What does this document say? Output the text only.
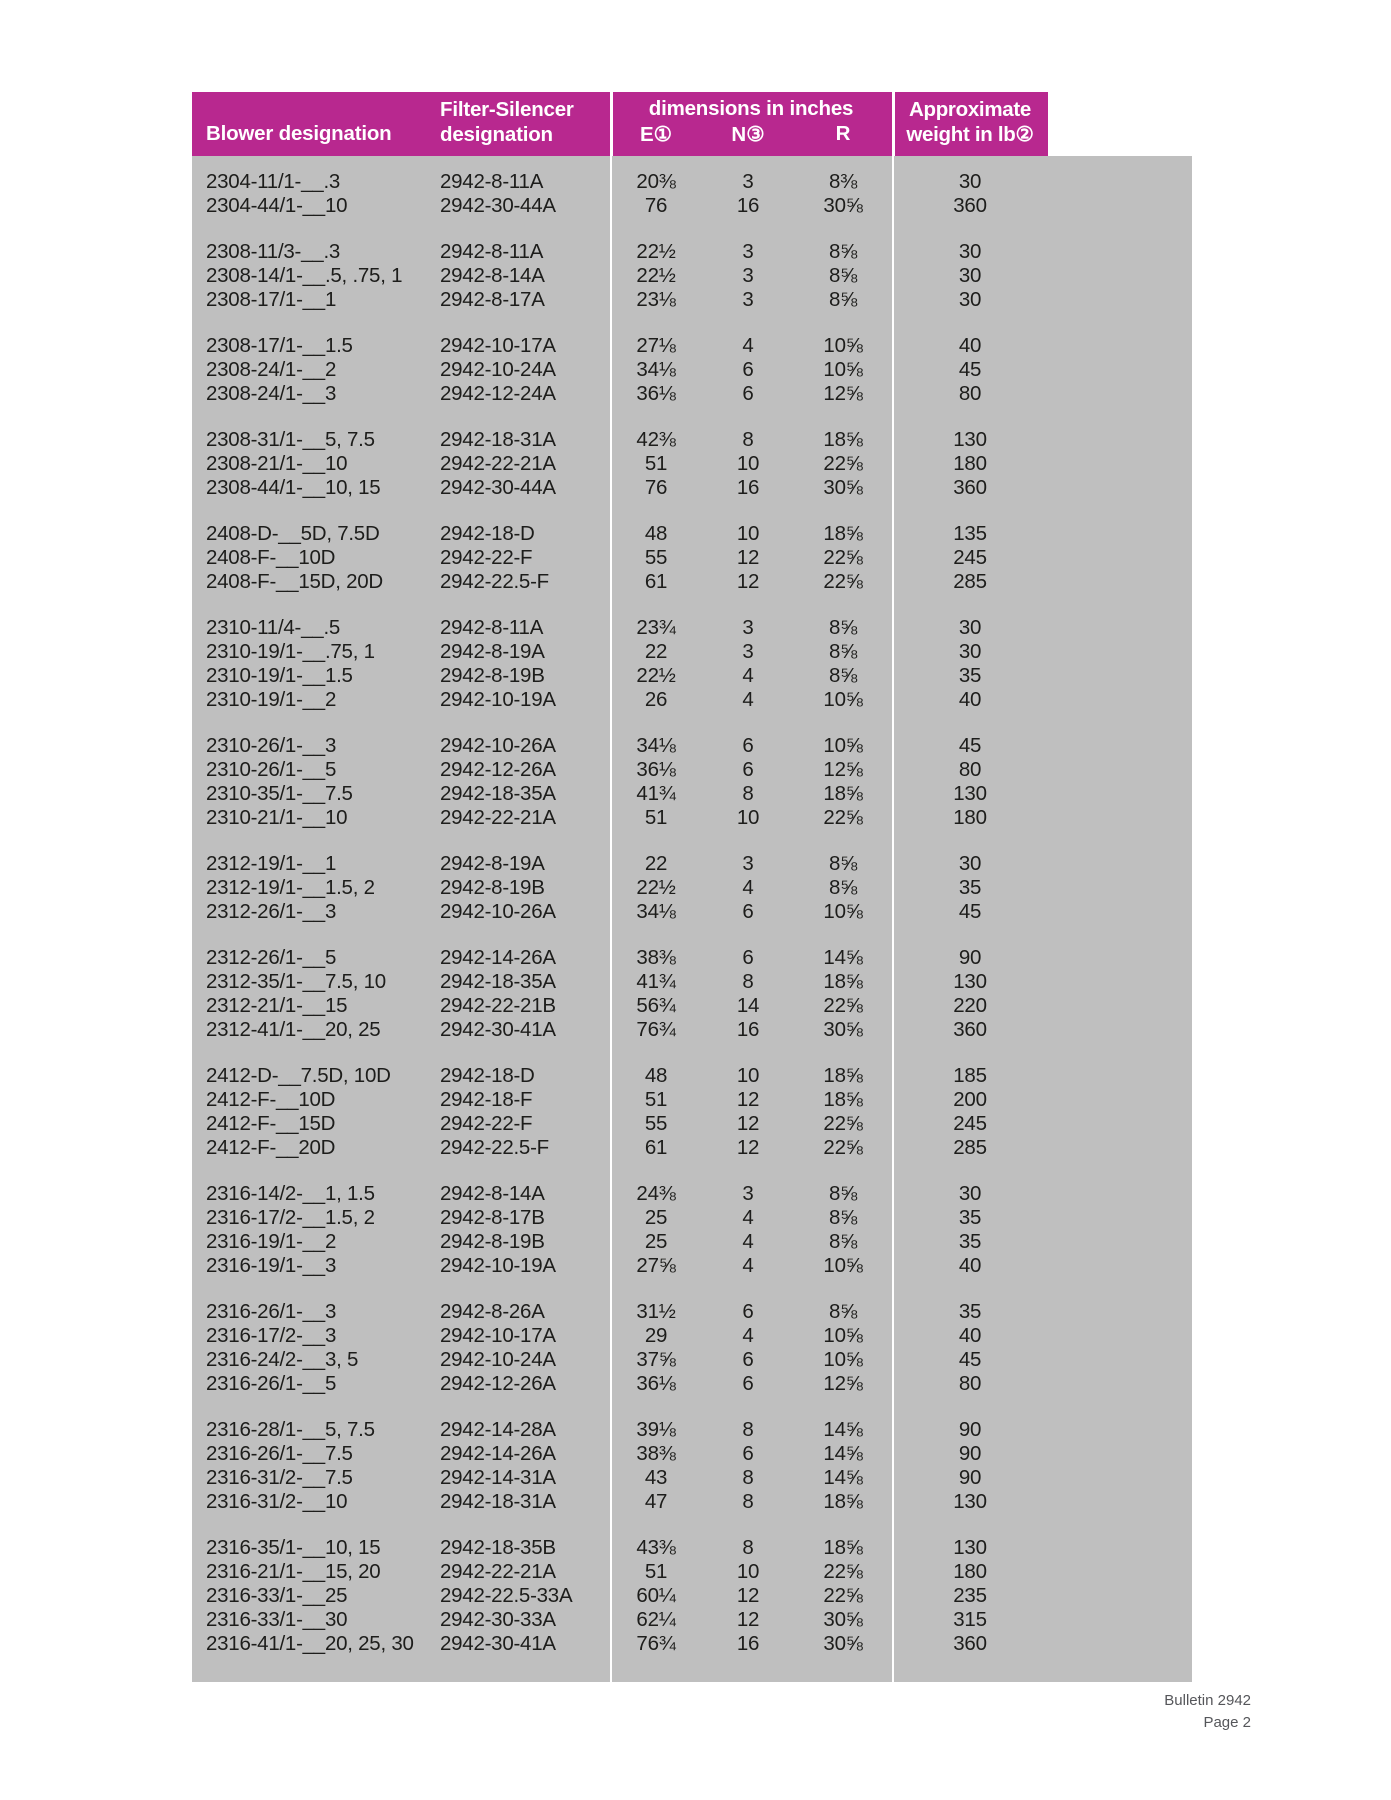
Blower designation
Filter-Silencer
designation
dimensions in inches
E①	N③	R
Approximate
weight in lb②
2304-11/1-__.3	2942-8-11A	20⅜	3	8⅜	30
2304-44/1-__10	2942-30-44A	76	16	30⅝	360
2308-11/3-__.3	2942-8-11A	22½	3	8⅝	30
2308-14/1-__.5, .75, 1	2942-8-14A	22½	3	8⅝	30
2308-17/1-__1	2942-8-17A	23⅛	3	8⅝	30
2308-17/1-__1.5	2942-10-17A	27⅛	4	10⅝	40
2308-24/1-__2	2942-10-24A	34⅛	6	10⅝	45
2308-24/1-__3	2942-12-24A	36⅛	6	12⅝	80
2308-31/1-__5, 7.5	2942-18-31A	42⅜	8	18⅝	130
2308-21/1-__10	2942-22-21A	51	10	22⅝	180
2308-44/1-__10, 15	2942-30-44A	76	16	30⅝	360
2408-D-__5D, 7.5D	2942-18-D	48	10	18⅝	135
2408-F-__10D	2942-22-F	55	12	22⅝	245
2408-F-__15D, 20D	2942-22.5-F	61	12	22⅝	285
2310-11/4-__.5	2942-8-11A	23¾	3	8⅝	30
2310-19/1-__.75, 1	2942-8-19A	22	3	8⅝	30
2310-19/1-__1.5	2942-8-19B	22½	4	8⅝	35
2310-19/1-__2	2942-10-19A	26	4	10⅝	40
2310-26/1-__3	2942-10-26A	34⅛	6	10⅝	45
2310-26/1-__5	2942-12-26A	36⅛	6	12⅝	80
2310-35/1-__7.5	2942-18-35A	41¾	8	18⅝	130
2310-21/1-__10	2942-22-21A	51	10	22⅝	180
2312-19/1-__1	2942-8-19A	22	3	8⅝	30
2312-19/1-__1.5, 2	2942-8-19B	22½	4	8⅝	35
2312-26/1-__3	2942-10-26A	34⅛	6	10⅝	45
2312-26/1-__5	2942-14-26A	38⅜	6	14⅝	90
2312-35/1-__7.5, 10	2942-18-35A	41¾	8	18⅝	130
2312-21/1-__15	2942-22-21B	56¾	14	22⅝	220
2312-41/1-__20, 25	2942-30-41A	76¾	16	30⅝	360
2412-D-__7.5D, 10D	2942-18-D	48	10	18⅝	185
2412-F-__10D	2942-18-F	51	12	18⅝	200
2412-F-__15D	2942-22-F	55	12	22⅝	245
2412-F-__20D	2942-22.5-F	61	12	22⅝	285
2316-14/2-__1, 1.5	2942-8-14A	24⅜	3	8⅝	30
2316-17/2-__1.5, 2	2942-8-17B	25	4	8⅝	35
2316-19/1-__2	2942-8-19B	25	4	8⅝	35
2316-19/1-__3	2942-10-19A	27⅝	4	10⅝	40
2316-26/1-__3	2942-8-26A	31½	6	8⅝	35
2316-17/2-__3	2942-10-17A	29	4	10⅝	40
2316-24/2-__3, 5	2942-10-24A	37⅝	6	10⅝	45
2316-26/1-__5	2942-12-26A	36⅛	6	12⅝	80
2316-28/1-__5, 7.5	2942-14-28A	39⅛	8	14⅝	90
2316-26/1-__7.5	2942-14-26A	38⅜	6	14⅝	90
2316-31/2-__7.5	2942-14-31A	43	8	14⅝	90
2316-31/2-__10	2942-18-31A	47	8	18⅝	130
2316-35/1-__10, 15	2942-18-35B	43⅜	8	18⅝	130
2316-21/1-__15, 20	2942-22-21A	51	10	22⅝	180
2316-33/1-__25	2942-22.5-33A	60¼	12	22⅝	235
2316-33/1-__30	2942-30-33A	62¼	12	30⅝	315
2316-41/1-__20, 25, 30	2942-30-41A	76¾	16	30⅝	360
Bulletin 2942
Page 2
